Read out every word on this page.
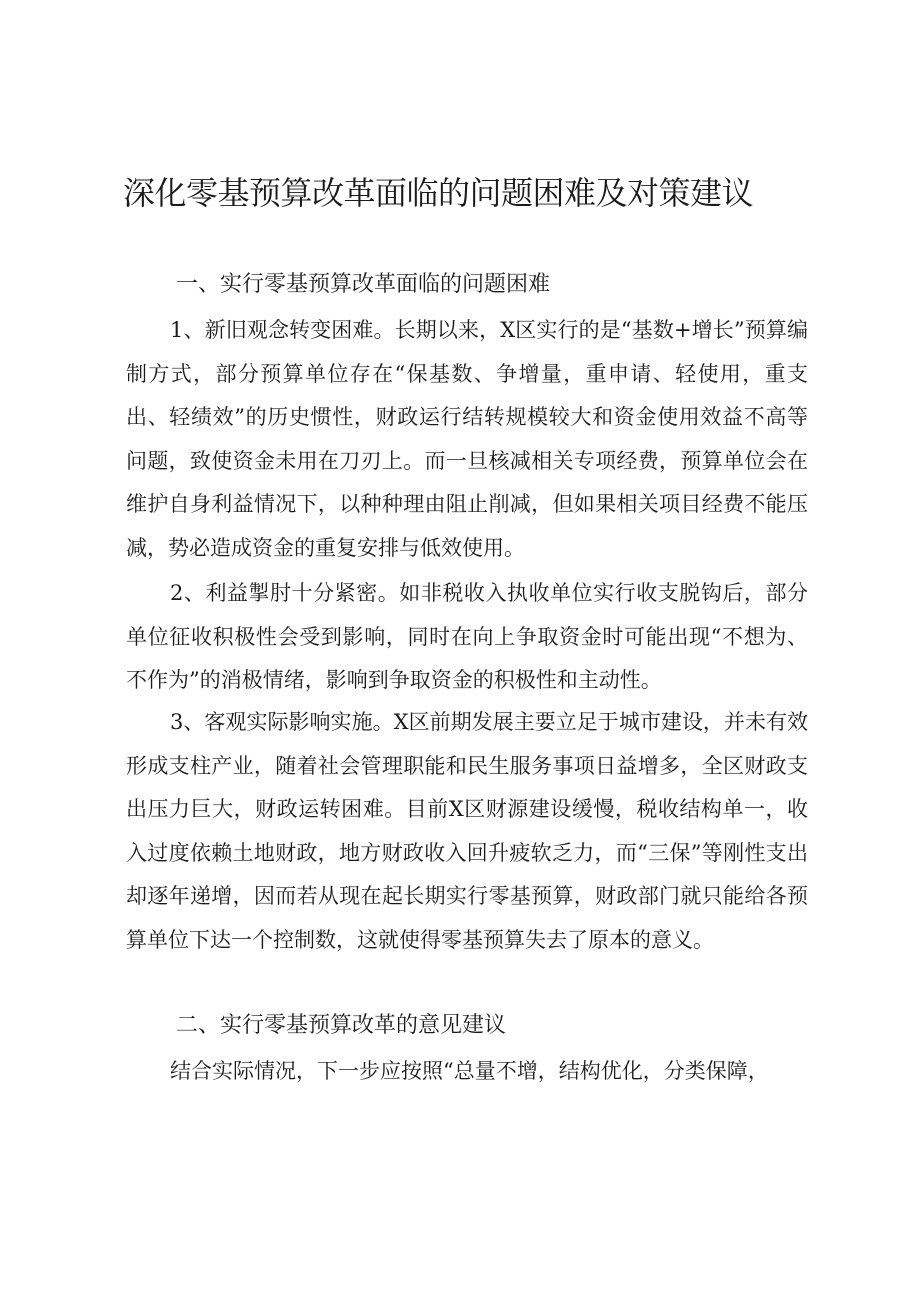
深化零基预算改革面临的问题困难及对策建议
一、实行零基预算改革面临的问题困难

1、新旧观念转变困难。长期以来，X区实行的是“基数+增长”预算编制方式，部分预算单位存在“保基数、争增量，重申请、轻使用，重支出、轻绩效”的历史惯性，财政运行结转规模较大和资金使用效益不高等问题，致使资金未用在刀刃上。而一旦核减相关专项经费，预算单位会在维护自身利益情况下，以种种理由阻止削减，但如果相关项目经费不能压减，势必造成资金的重复安排与低效使用。

2、利益掣肘十分紧密。如非税收入执收单位实行收支脱钩后，部分单位征收积极性会受到影响，同时在向上争取资金时可能出现“不想为、不作为”的消极情绪，影响到争取资金的积极性和主动性。

3、客观实际影响实施。X区前期发展主要立足于城市建设，并未有效形成支柱产业，随着社会管理职能和民生服务事项日益增多，全区财政支出压力巨大，财政运转困难。目前X区财源建设缓慢，税收结构单一，收入过度依赖土地财政，地方财政收入回升疲软乏力，而“三保”等刚性支出却逐年递增，因而若从现在起长期实行零基预算，财政部门就只能给各预算单位下达一个控制数，这就使得零基预算失去了原本的意义。

二、实行零基预算改革的意见建议

结合实际情况，下一步应按照“总量不增，结构优化，分类保障，
